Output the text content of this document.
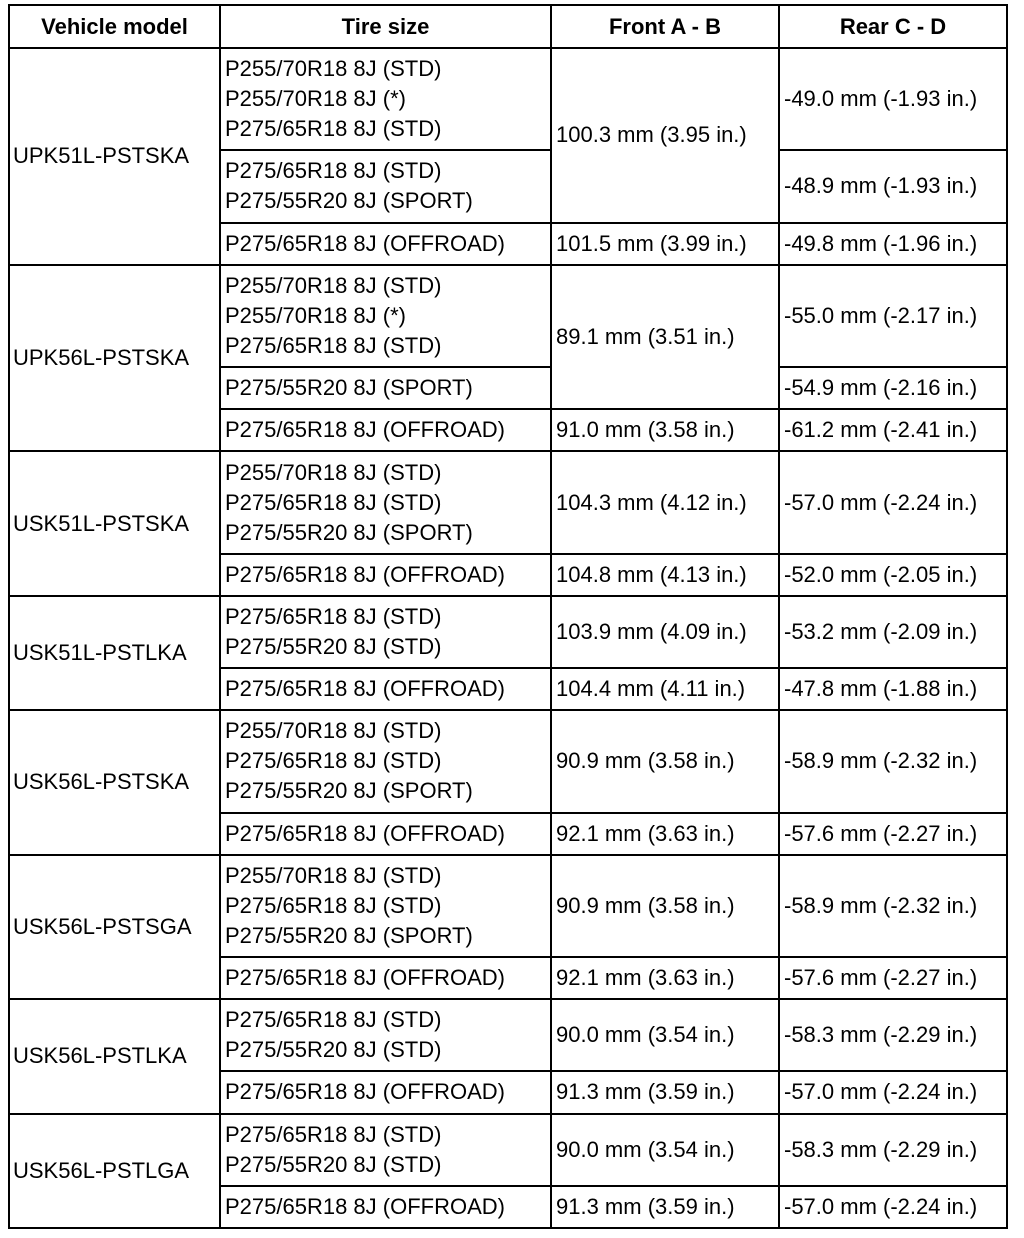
Vehicle model	Tire size	Front A - B	Rear C - D
UPK51L-PSTSKA	P255/70R18 8J (STD)
P255/70R18 8J (*)
P275/65R18 8J (STD)	100.3 mm (3.95 in.)	-49.0 mm (-1.93 in.)

	P275/65R18 8J (STD)
P275/55R20 8J (SPORT)		-48.9 mm (-1.93 in.)

	P275/65R18 8J (OFFROAD)	101.5 mm (3.99 in.)	-49.8 mm (-1.96 in.)
UPK56L-PSTSKA	P255/70R18 8J (STD)
P255/70R18 8J (*)
P275/65R18 8J (STD)	89.1 mm (3.51 in.)	-55.0 mm (-2.17 in.)

	P275/55R20 8J (SPORT)		-54.9 mm (-2.16 in.)

	P275/65R18 8J (OFFROAD)	91.0 mm (3.58 in.)	-61.2 mm (-2.41 in.)
USK51L-PSTSKA	P255/70R18 8J (STD)
P275/65R18 8J (STD)
P275/55R20 8J (SPORT)	104.3 mm (4.12 in.)	-57.0 mm (-2.24 in.)

	P275/65R18 8J (OFFROAD)	104.8 mm (4.13 in.)	-52.0 mm (-2.05 in.)
USK51L-PSTLKA	P275/65R18 8J (STD)
P275/55R20 8J (STD)	103.9 mm (4.09 in.)	-53.2 mm (-2.09 in.)

	P275/65R18 8J (OFFROAD)	104.4 mm (4.11 in.)	-47.8 mm (-1.88 in.)
USK56L-PSTSKA	P255/70R18 8J (STD)
P275/65R18 8J (STD)
P275/55R20 8J (SPORT)	90.9 mm (3.58 in.)	-58.9 mm (-2.32 in.)

	P275/65R18 8J (OFFROAD)	92.1 mm (3.63 in.)	-57.6 mm (-2.27 in.)
USK56L-PSTSGA	P255/70R18 8J (STD)
P275/65R18 8J (STD)
P275/55R20 8J (SPORT)	90.9 mm (3.58 in.)	-58.9 mm (-2.32 in.)

	P275/65R18 8J (OFFROAD)	92.1 mm (3.63 in.)	-57.6 mm (-2.27 in.)
USK56L-PSTLKA	P275/65R18 8J (STD)
P275/55R20 8J (STD)	90.0 mm (3.54 in.)	-58.3 mm (-2.29 in.)

	P275/65R18 8J (OFFROAD)	91.3 mm (3.59 in.)	-57.0 mm (-2.24 in.)
USK56L-PSTLGA	P275/65R18 8J (STD)
P275/55R20 8J (STD)	90.0 mm (3.54 in.)	-58.3 mm (-2.29 in.)

	P275/65R18 8J (OFFROAD)	91.3 mm (3.59 in.)	-57.0 mm (-2.24 in.)
